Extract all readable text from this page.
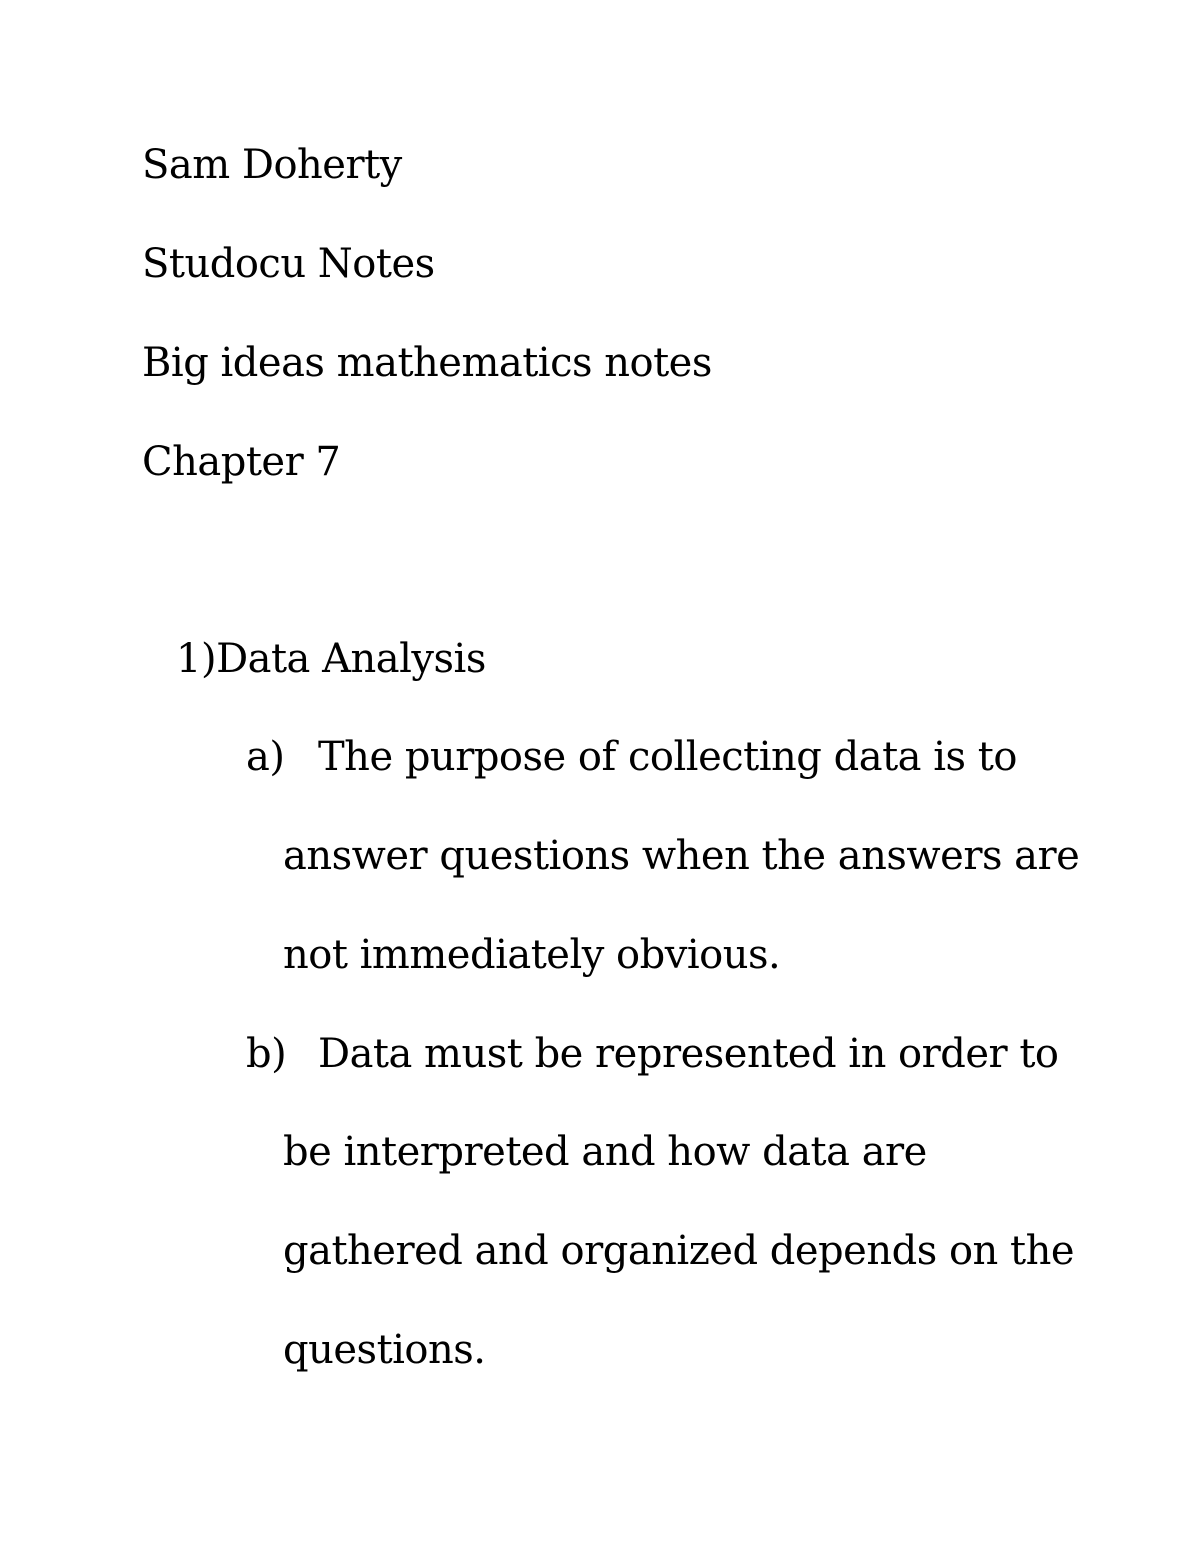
Sam Doherty
Studocu Notes
Big ideas mathematics notes
Chapter 7
1)Data Analysis
a) The purpose of collecting data is to
answer questions when the answers are
not immediately obvious.
b) Data must be represented in order to
be interpreted and how data are
gathered and organized depends on the
questions.
